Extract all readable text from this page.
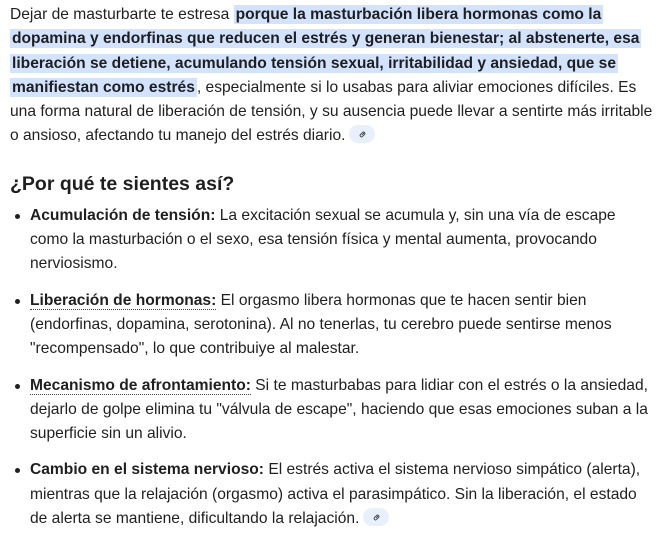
Dejar de masturbarte te estresa porque la masturbación libera hormonas como la dopamina y endorfinas que reducen el estrés y generan bienestar; al abstenerte, esa liberación se detiene, acumulando tensión sexual, irritabilidad y ansiedad, que se manifiestan como estrés , especialmente si lo usabas para aliviar emociones difíciles. Es una forma natural de liberación de tensión, y su ausencia puede llevar a sentirte más irritable o ansioso, afectando tu manejo del estrés diario.

¿Por qué te sientes así?
Acumulación de tensión: La excitación sexual se acumula y, sin una vía de escape como la masturbación o el sexo, esa tensión física y mental aumenta, provocando nerviosismo.
Liberación de hormonas: El orgasmo libera hormonas que te hacen sentir bien (endorfinas, dopamina, serotonina). Al no tenerlas, tu cerebro puede sentirse menos "recompensado", lo que contribuiye al malestar.
Mecanismo de afrontamiento: Si te masturbabas para lidiar con el estrés o la ansiedad, dejarlo de golpe elimina tu "válvula de escape", haciendo que esas emociones suban a la superficie sin un alivio.
Cambio en el sistema nervioso: El estrés activa el sistema nervioso simpático (alerta), mientras que la relajación (orgasmo) activa el parasimpático. Sin la liberación, el estado de alerta se mantiene, dificultando la relajación.
